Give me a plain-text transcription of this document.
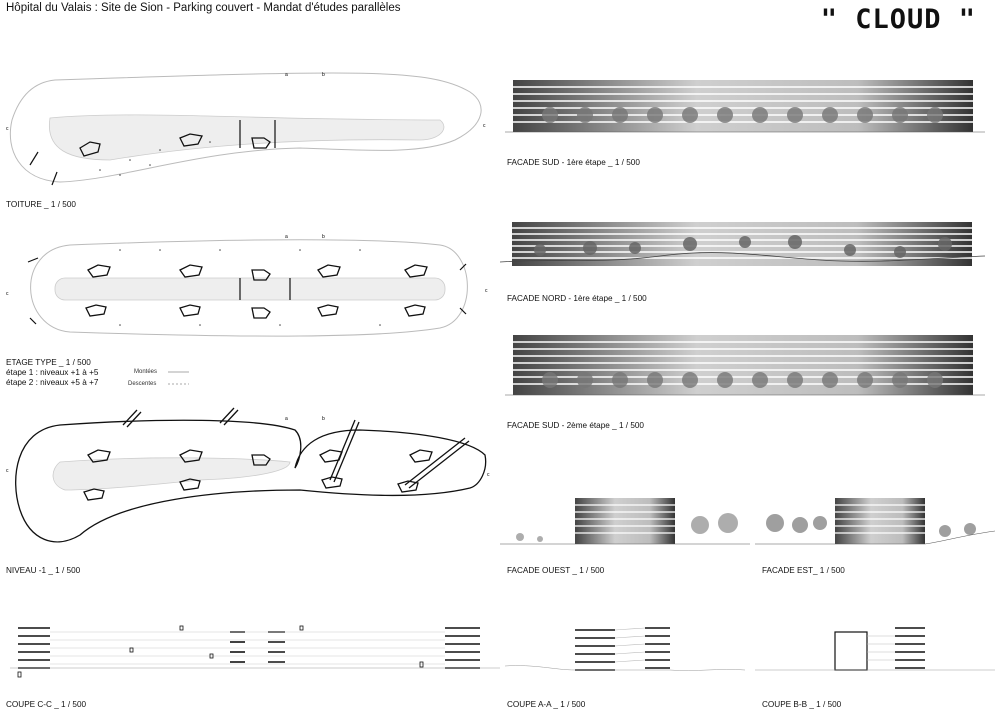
Hôpital du Valais : Site de Sion - Parking couvert - Mandat d'études parallèles	" CLOUD "
c	c
a	b
TOITURE _ 1 / 500
c	c
a	b
ETAGE TYPE _ 1 / 500
étape 1 : niveaux +1 à +5
étape 2 : niveaux +5 à +7
Montées
Descentes
c
c
a	b
NIVEAU -1 _ 1 / 500
FACADE SUD - 1ère étape _ 1 / 500
FACADE NORD - 1ère étape _ 1 / 500
FACADE SUD - 2ème étape _ 1 / 500
FACADE OUEST _ 1 / 500	FACADE EST_ 1 / 500
COUPE C-C _ 1 / 500	COUPE A-A _ 1 / 500	COUPE B-B _ 1 / 500
